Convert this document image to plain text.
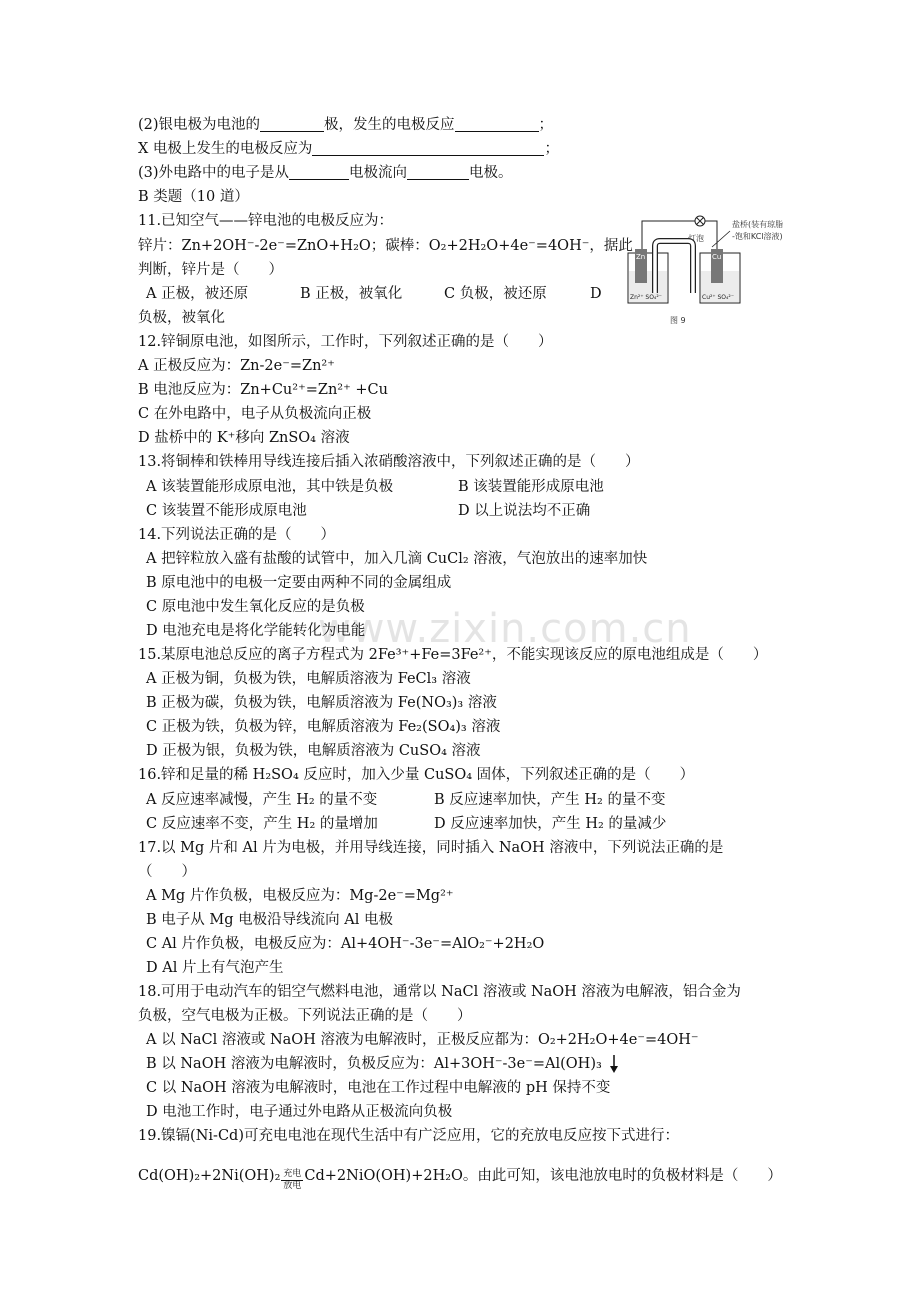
www.zixin.com.cn
(2)银电极为电池的	极，发生的电极反应	；
X 电极上发生的电极反应为	；
(3)外电路中的电子是从	电极流向	电极。
B 类题（10 道）
11.已知空气——锌电池的电极反应为：
锌片：Zn+2OH⁻-2e⁻=ZnO+H₂O；碳棒：O₂+2H₂O+4e⁻=4OH⁻，据此
判断，锌片是（　　）
A 正极，被还原	B 正极，被氧化	C 负极，被还原	D
负极，被氧化
灯泡
盐桥(装有琼脂
-饱和KCl溶液)
Zn	Cu
Zn²⁺ SO₄²⁻	Cu²⁺ SO₄²⁻
图 9
12.锌铜原电池，如图所示，工作时，下列叙述正确的是（　　）
A 正极反应为：Zn-2e⁻=Zn²⁺
B 电池反应为：Zn+Cu²⁺=Zn²⁺ +Cu
C 在外电路中，电子从负极流向正极
D 盐桥中的 K⁺移向 ZnSO₄ 溶液
13.将铜棒和铁棒用导线连接后插入浓硝酸溶液中，下列叙述正确的是（　　）
A 该装置能形成原电池，其中铁是负极	B 该装置能形成原电池
C 该装置不能形成原电池	D 以上说法均不正确
14.下列说法正确的是（　　）
A 把锌粒放入盛有盐酸的试管中，加入几滴 CuCl₂ 溶液，气泡放出的速率加快
B 原电池中的电极一定要由两种不同的金属组成
C 原电池中发生氧化反应的是负极
D 电池充电是将化学能转化为电能
15.某原电池总反应的离子方程式为 2Fe³⁺+Fe=3Fe²⁺，不能实现该反应的原电池组成是（　　）
A 正极为铜，负极为铁，电解质溶液为 FeCl₃ 溶液
B 正极为碳，负极为铁，电解质溶液为 Fe(NO₃)₃ 溶液
C 正极为铁，负极为锌，电解质溶液为 Fe₂(SO₄)₃ 溶液
D 正极为银，负极为铁，电解质溶液为 CuSO₄ 溶液
16.锌和足量的稀 H₂SO₄ 反应时，加入少量 CuSO₄ 固体，下列叙述正确的是（　　）
A 反应速率减慢，产生 H₂ 的量不变	B 反应速率加快，产生 H₂ 的量不变
C 反应速率不变，产生 H₂ 的量增加	D 反应速率加快，产生 H₂ 的量减少
17.以 Mg 片和 Al 片为电极，并用导线连接，同时插入 NaOH 溶液中，下列说法正确的是
（　　）
A Mg 片作负极，电极反应为：Mg-2e⁻=Mg²⁺
B 电子从 Mg 电极沿导线流向 Al 电极
C Al 片作负极，电极反应为：Al+4OH⁻-3e⁻=AlO₂⁻+2H₂O
D Al 片上有气泡产生
18.可用于电动汽车的铝空气燃料电池，通常以 NaCl 溶液或 NaOH 溶液为电解液，铝合金为
负极，空气电极为正极。下列说法正确的是（　　）
A 以 NaCl 溶液或 NaOH 溶液为电解液时，正极反应都为：O₂+2H₂O+4e⁻=4OH⁻
B 以 NaOH 溶液为电解液时，负极反应为：Al+3OH⁻-3e⁻=Al(OH)₃
C 以 NaOH 溶液为电解液时，电池在工作过程中电解液的 pH 保持不变
D 电池工作时，电子通过外电路从正极流向负极
19.镍镉(Ni-Cd)可充电电池在现代生活中有广泛应用，它的充放电反应按下式进行：
Cd(OH)₂+2Ni(OH)₂ 充电
放电Cd+2NiO(OH)+2H₂O。由此可知，该电池放电时的负极材料是（　　）
